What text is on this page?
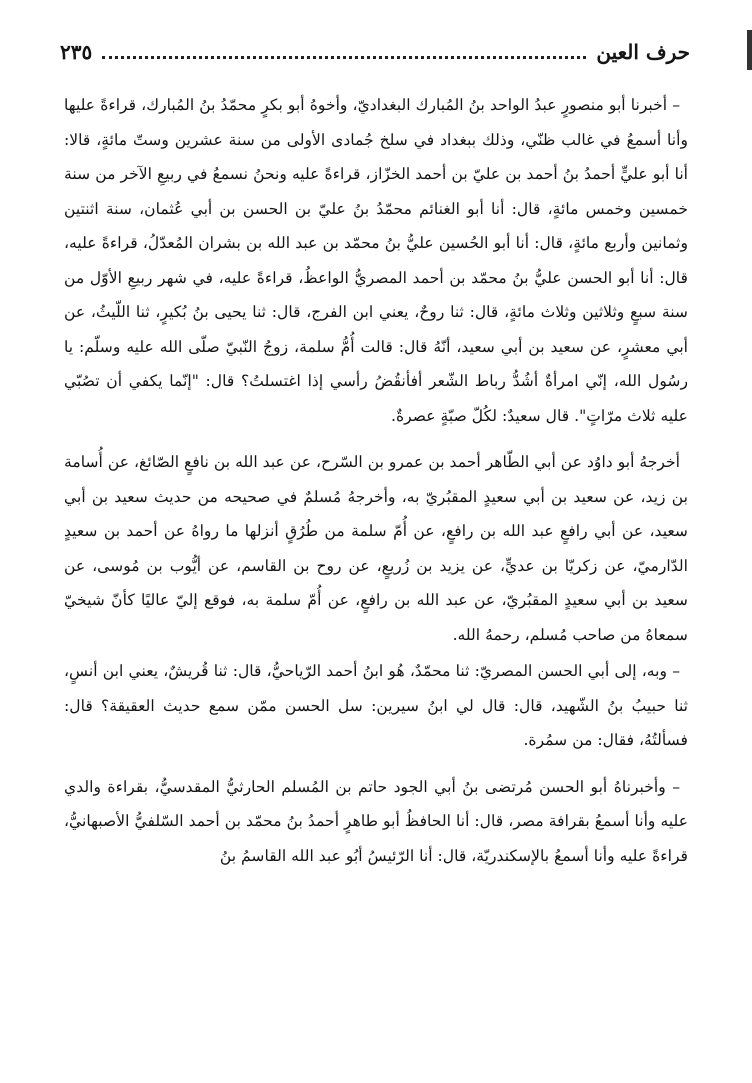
حرف العين
٢٣٥

– أخبرنا أبو منصورٍ عبدُ الواحد بنُ المُبارك البغداديّ، وأخوهُ أبو بكرٍ محمّدُ بنُ المُبارك، قراءةً عليها وأنا أسمعُ في غالب ظنّي، وذلك ببغداد في سلخ جُمادى الأولى من سنة عشرين وستّ مائةٍ، قالا: أنا أبو عليٍّ أحمدُ بنُ أحمد بن عليّ بن أحمد الخزّاز، قراءةً عليه ونحنُ نسمعُ في ربيعِ الآخر من سنة خمسين وخمس مائةٍ، قال: أنا أبو الغنائم محمّدُ بنُ عليّ بن الحسن بن أبي عُثمان، سنة اثنتين وثمانين وأربع مائةٍ، قال: أنا أبو الحُسين عليُّ بنُ محمّد بن عبد الله بن بشران المُعدّلُ، قراءةً عليه، قال: أنا أبو الحسن عليُّ بنُ محمّد بن أحمد المصريُّ الواعظُ، قراءةً عليه، في شهر ربيعِ الأوّل من سنة سبعٍ وثلاثين وثلاث مائةٍ، قال: ثنا روحٌ، يعني ابن الفرج، قال: ثنا يحيى بنُ بُكيرٍ، ثنا اللّيثُ، عن أبي معشرٍ، عن سعيد بن أبي سعيد، أنّهُ قال: قالت أُمُّ سلمة، زوجُ النّبيّ صلّى الله عليه وسلّم: يا رسُول الله، إنّي امرأةٌ أشُدُّ رباط الشّعر أفأنقُضُ رأسي إذا اغتسلتُ؟ قال: "إنّما يكفي أن تصُبّي عليه ثلاث مرّاتٍ". قال سعيدٌ: لكُلّ صبّةٍ عصرةٌ.

أخرجهُ أبو داوُد عن أبي الطّاهر أحمد بن عمرو بن السّرح، عن عبد الله بن نافعٍ الصّائغ، عن أُسامة بن زيد، عن سعيد بن أبي سعيدٍ المقبُريّ به، وأخرجهُ مُسلمٌ في صحيحه من حديث سعيد بن أبي سعيد، عن أبي رافعٍ عبد الله بن رافعٍ، عن أُمّ سلمة من طُرُقٍ أنزلها ما رواهُ عن أحمد بن سعيدٍ الدّارميّ، عن زكريّا بن عديٍّ، عن يزيد بن زُريعٍ، عن روح بن القاسم، عن أيُّوب بن مُوسى، عن سعيد بن أبي سعيدٍ المقبُريّ، عن عبد الله بن رافعٍ، عن أُمّ سلمة به، فوقع إليّ عاليًا كأنّ شيخيّ سمعاهُ من صاحب مُسلم، رحمهُ الله.

– وبه، إلى أبي الحسن المصريّ: ثنا محمّدٌ، هُو ابنُ أحمد الرّياحيُّ، قال: ثنا قُريشٌ، يعني ابن أنسٍ، ثنا حبيبُ بنُ الشّهيد، قال: قال لي ابنُ سيرين: سل الحسن ممّن سمع حديث العقيقة؟ قال: فسألتُهُ، فقال: من سمُرة.

– وأخبرناهُ أبو الحسن مُرتضى بنُ أبي الجود حاتم بن المُسلم الحارثيُّ المقدسيُّ، بقراءة والدي عليه وأنا أسمعُ بقرافة مصر، قال: أنا الحافظُ أبو طاهرٍ أحمدُ بنُ محمّد بن أحمد السّلفيُّ الأصبهانيُّ، قراءةً عليه وأنا أسمعُ بالإسكندريّة، قال: أنا الرّئيسُ أبُو عبد الله القاسمُ بنُ
